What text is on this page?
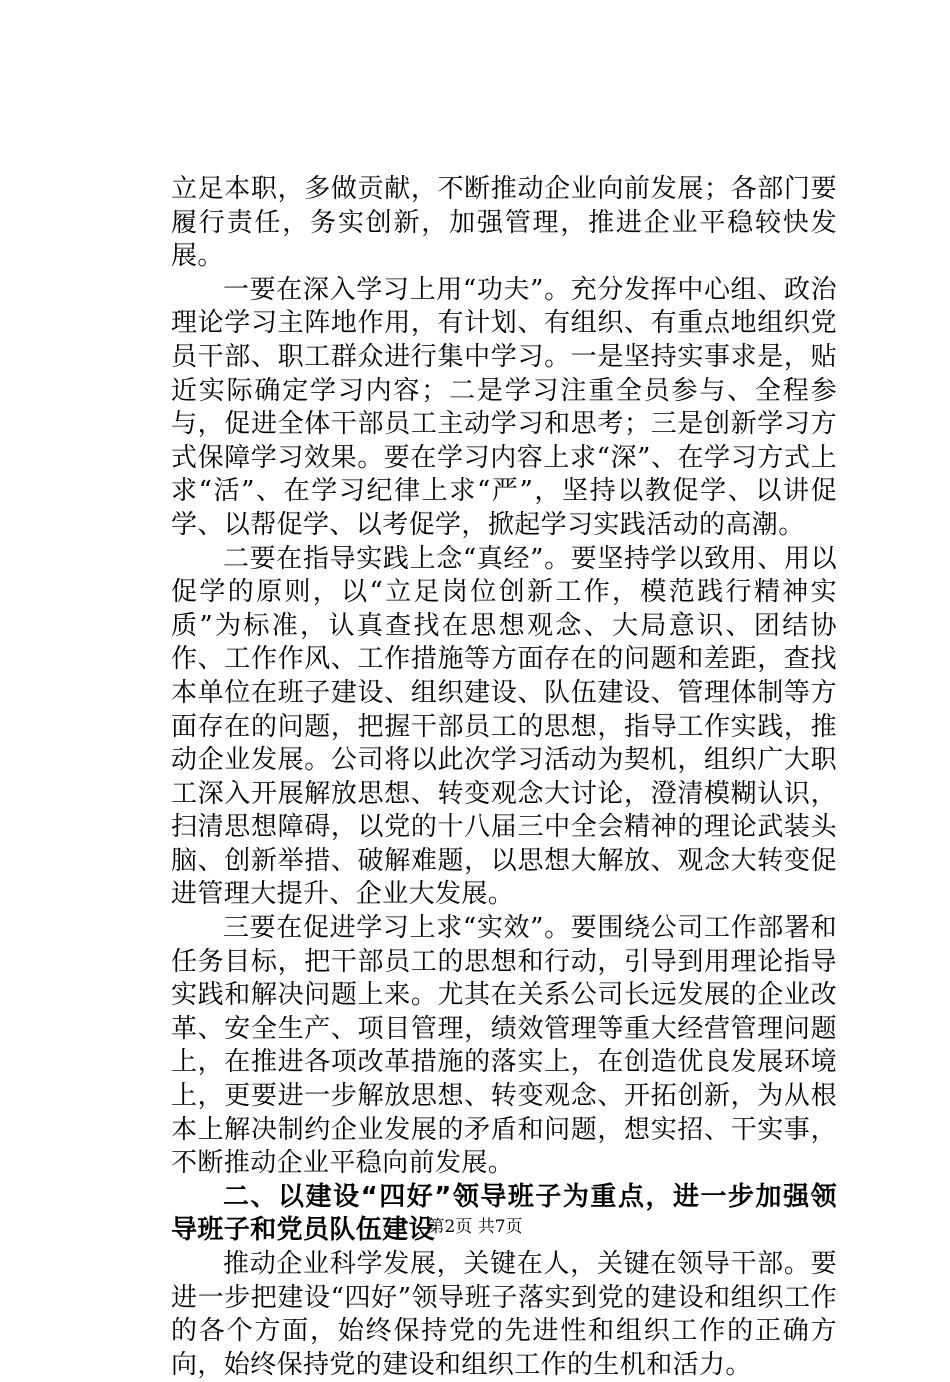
立足本职，多做贡献，不断推动企业向前发展；各部门要履行责任，务实创新，加强管理，推进企业平稳较快发展。

一要在深入学习上用“功夫”。充分发挥中心组、政治理论学习主阵地作用，有计划、有组织、有重点地组织党员干部、职工群众进行集中学习。一是坚持实事求是，贴近实际确定学习内容；二是学习注重全员参与、全程参与，促进全体干部员工主动学习和思考；三是创新学习方式保障学习效果。要在学习内容上求“深”、在学习方式上求“活”、在学习纪律上求“严”，坚持以教促学、以讲促学、以帮促学、以考促学，掀起学习实践活动的高潮。

二要在指导实践上念“真经”。要坚持学以致用、用以促学的原则，以“立足岗位创新工作，模范践行精神实质”为标准，认真查找在思想观念、大局意识、团结协作、工作作风、工作措施等方面存在的问题和差距，查找本单位在班子建设、组织建设、队伍建设、管理体制等方面存在的问题，把握干部员工的思想，指导工作实践，推动企业发展。公司将以此次学习活动为契机，组织广大职工深入开展解放思想、转变观念大讨论，澄清模糊认识，扫清思想障碍，以党的十八届三中全会精神的理论武装头脑、创新举措、破解难题，以思想大解放、观念大转变促进管理大提升、企业大发展。

三要在促进学习上求“实效”。要围绕公司工作部署和任务目标，把干部员工的思想和行动，引导到用理论指导实践和解决问题上来。尤其在关系公司长远发展的企业改革、安全生产、项目管理，绩效管理等重大经营管理问题上，在推进各项改革措施的落实上，在创造优良发展环境上，更要进一步解放思想、转变观念、开拓创新，为从根本上解决制约企业发展的矛盾和问题，想实招、干实事，不断推动企业平稳向前发展。

二、以建设“四好”领导班子为重点，进一步加强领导班子和党员队伍建设

推动企业科学发展，关键在人，关键在领导干部。要进一步把建设“四好”领导班子落实到党的建设和组织工作的各个方面，始终保持党的先进性和组织工作的正确方向，始终保持党的建设和组织工作的生机和活力。

第2页 共7页
